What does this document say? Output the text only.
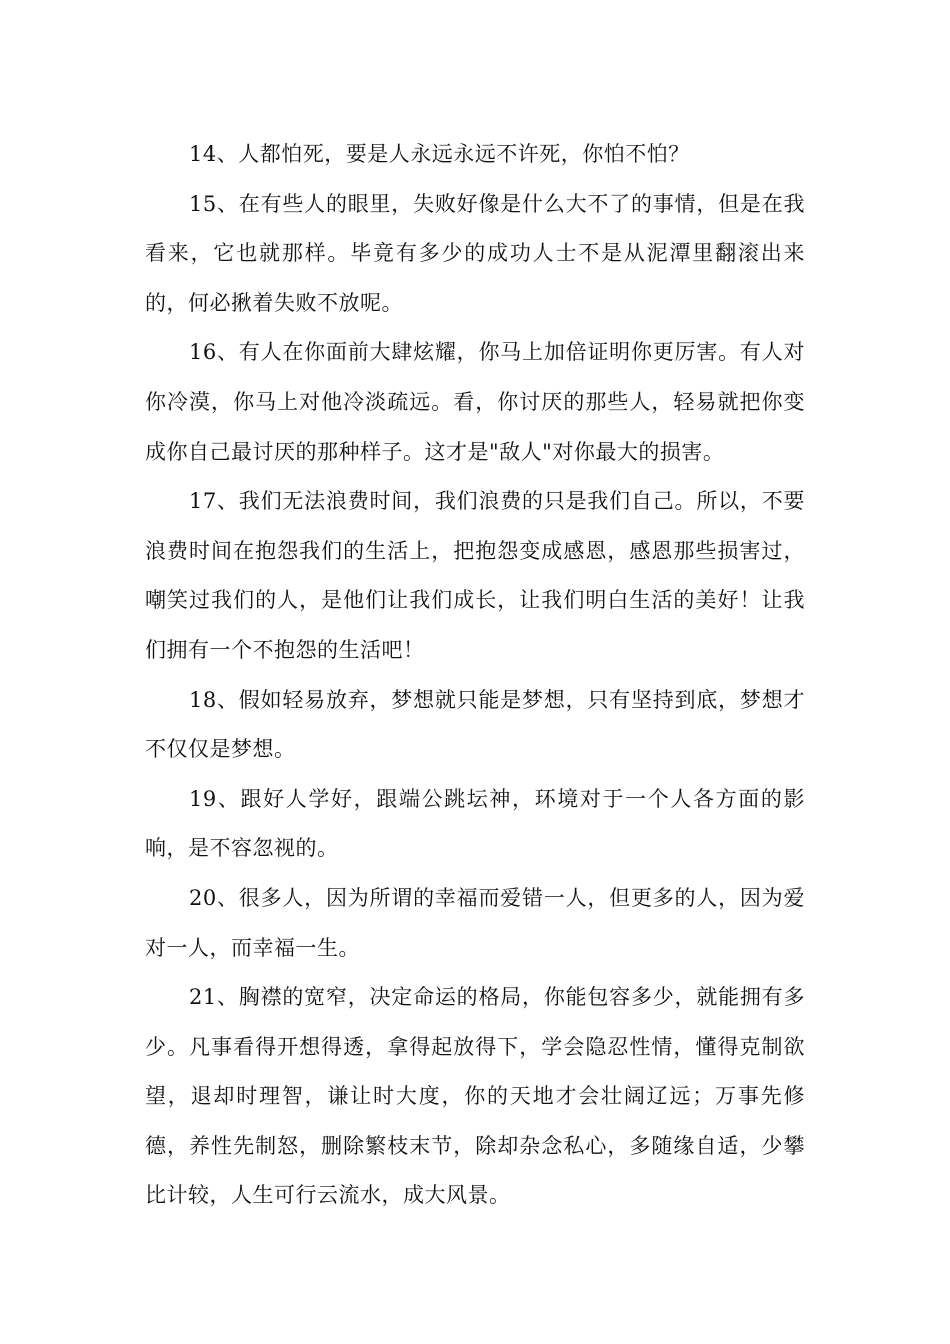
14、人都怕死，要是人永远永远不许死，你怕不怕？

15、在有些人的眼里，失败好像是什么大不了的事情，但是在我看来，它也就那样。毕竟有多少的成功人士不是从泥潭里翻滚出来的，何必揪着失败不放呢。

16、有人在你面前大肆炫耀，你马上加倍证明你更厉害。有人对你冷漠，你马上对他冷淡疏远。看，你讨厌的那些人，轻易就把你变成你自己最讨厌的那种样子。这才是"敌人"对你最大的损害。

17、我们无法浪费时间，我们浪费的只是我们自己。所以，不要浪费时间在抱怨我们的生活上，把抱怨变成感恩，感恩那些损害过，嘲笑过我们的人，是他们让我们成长，让我们明白生活的美好！让我们拥有一个不抱怨的生活吧！

18、假如轻易放弃，梦想就只能是梦想，只有坚持到底，梦想才不仅仅是梦想。

19、跟好人学好，跟端公跳坛神，环境对于一个人各方面的影响，是不容忽视的。

20、很多人，因为所谓的幸福而爱错一人，但更多的人，因为爱对一人，而幸福一生。

21、胸襟的宽窄，决定命运的格局，你能包容多少，就能拥有多少。凡事看得开想得透，拿得起放得下，学会隐忍性情，懂得克制欲望，退却时理智，谦让时大度，你的天地才会壮阔辽远；万事先修德，养性先制怒，删除繁枝末节，除却杂念私心，多随缘自适，少攀比计较，人生可行云流水，成大风景。
